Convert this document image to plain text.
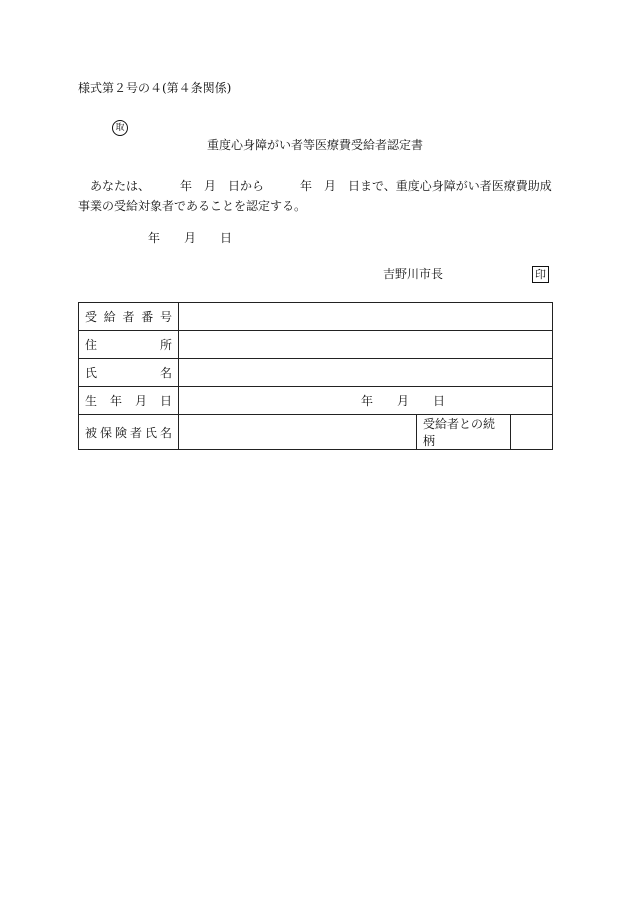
様式第２号の４(第４条関係)
取
重度心身障がい者等医療費受給者認定書
あなたは、　　　年　月　日から　　　年　月　日まで、重度心身障がい者医療費助成
事業の受給対象者であることを認定する。
年　　月　　日
吉野川市長	印
受給者番号			
住所			
氏名			
生年月日	年　　月　　日		
被保険者氏名		受給者との続柄	
